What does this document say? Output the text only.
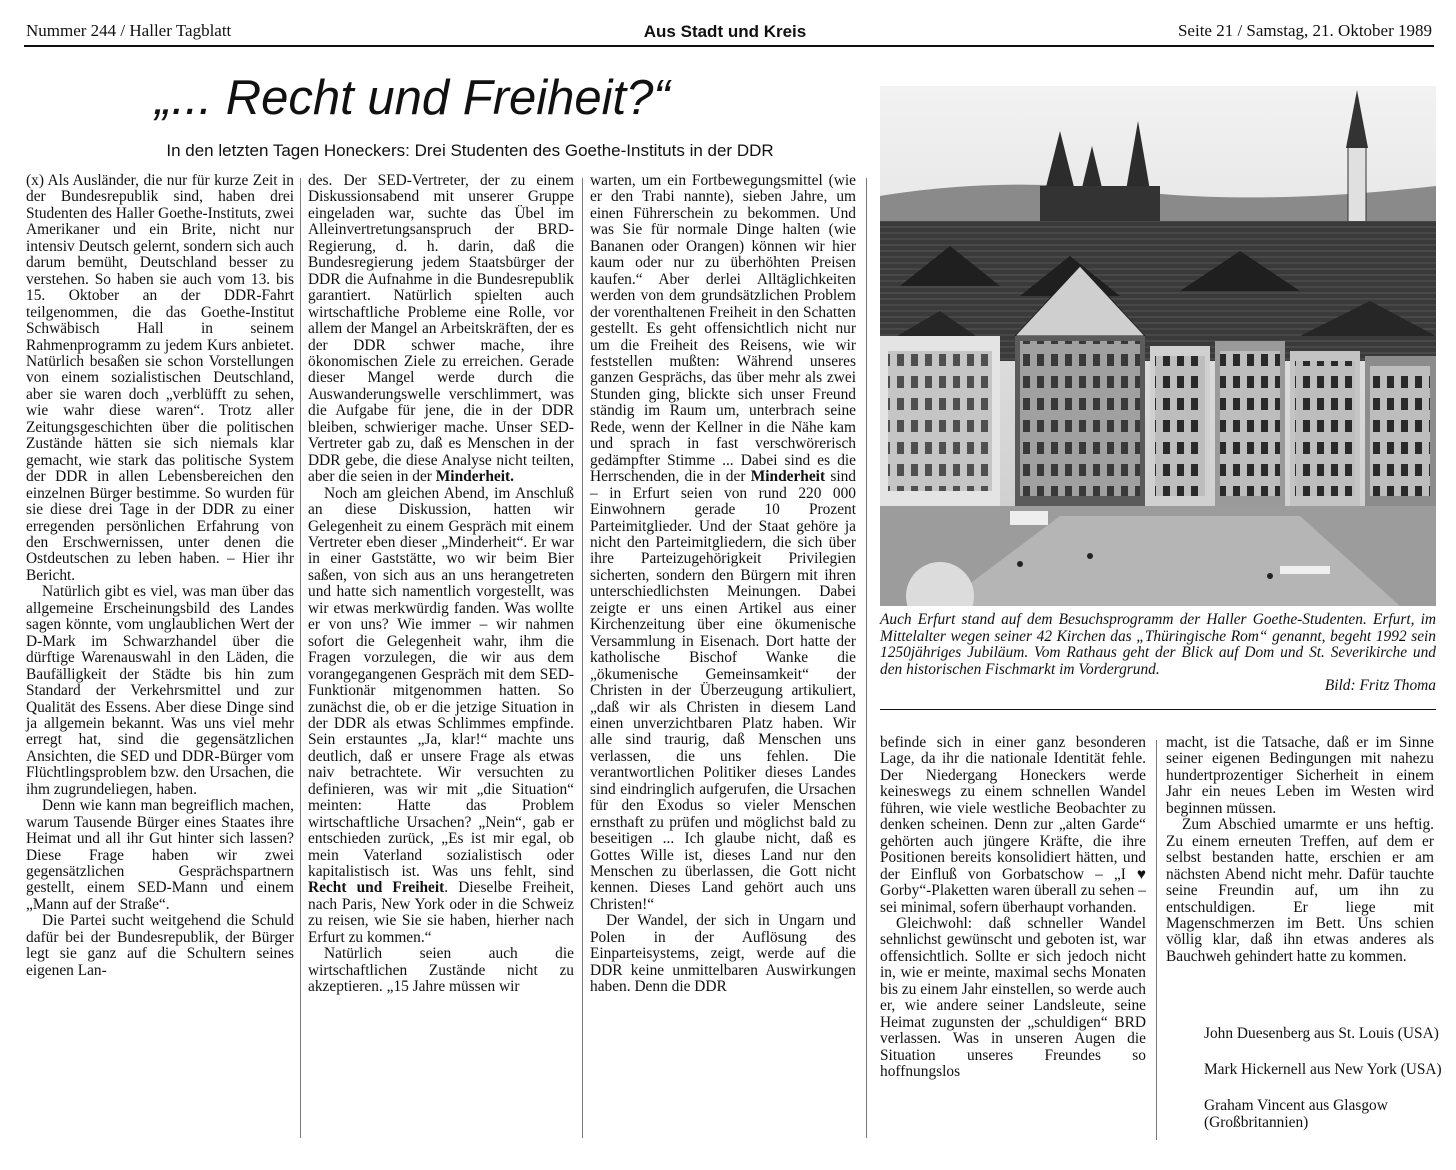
Nummer 244 / Haller Tagblatt	Aus Stadt und Kreis	Seite 21 / Samstag, 21. Oktober 1989
„... Recht und Freiheit?“
In den letzten Tagen Honeckers: Drei Studenten des Goethe-Instituts in der DDR

(x) Als Ausländer, die nur für kurze Zeit in der Bundesrepublik sind, haben drei Studenten des Haller Goethe-Instituts, zwei Amerikaner und ein Brite, nicht nur intensiv Deutsch gelernt, sondern sich auch darum bemüht, Deutschland besser zu verstehen. So haben sie auch vom 13. bis 15. Oktober an der DDR-Fahrt teilgenommen, die das Goethe-Institut Schwäbisch Hall in seinem Rahmenprogramm zu jedem Kurs anbietet. Natürlich besaßen sie schon Vorstellungen von einem sozialistischen Deutschland, aber sie waren doch „verblüfft zu sehen, wie wahr diese waren“. Trotz aller Zeitungsgeschichten über die politischen Zustände hätten sie sich niemals klar gemacht, wie stark das politische System der DDR in allen Lebensbereichen den einzelnen Bürger bestimme. So wurden für sie diese drei Tage in der DDR zu einer erregenden persönlichen Erfahrung von den Erschwernissen, unter denen die Ostdeutschen zu leben haben. – Hier ihr Bericht.

Natürlich gibt es viel, was man über das allgemeine Erscheinungsbild des Landes sagen könnte, vom unglaublichen Wert der D-Mark im Schwarzhandel über die dürftige Warenauswahl in den Läden, die Baufälligkeit der Städte bis hin zum Standard der Verkehrsmittel und zur Qualität des Essens. Aber diese Dinge sind ja allgemein bekannt. Was uns viel mehr erregt hat, sind die gegensätzlichen Ansichten, die SED und DDR-Bürger vom Flüchtlingsproblem bzw. den Ursachen, die ihm zugrundeliegen, haben.

Denn wie kann man begreiflich machen, warum Tausende Bürger eines Staates ihre Heimat und all ihr Gut hinter sich lassen? Diese Frage haben wir zwei gegensätzlichen Gesprächspartnern gestellt, einem SED-Mann und einem „Mann auf der Straße“.

Die Partei sucht weitgehend die Schuld dafür bei der Bundesrepublik, der Bürger legt sie ganz auf die Schultern seines eigenen Lan-

des. Der SED-Vertreter, der zu einem Diskussionsabend mit unserer Gruppe eingeladen war, suchte das Übel im Alleinvertretungsanspruch der BRD-Regierung, d. h. darin, daß die Bundesregierung jedem Staatsbürger der DDR die Aufnahme in die Bundesrepublik garantiert. Natürlich spielten auch wirtschaftliche Probleme eine Rolle, vor allem der Mangel an Arbeitskräften, der es der DDR schwer mache, ihre ökonomischen Ziele zu erreichen. Gerade dieser Mangel werde durch die Auswanderungswelle verschlimmert, was die Aufgabe für jene, die in der DDR bleiben, schwieriger mache. Unser SED-Vertreter gab zu, daß es Menschen in der DDR gebe, die diese Analyse nicht teilten, aber die seien in der Minderheit.

Noch am gleichen Abend, im Anschluß an diese Diskussion, hatten wir Gelegenheit zu einem Gespräch mit einem Vertreter eben dieser „Minderheit“. Er war in einer Gaststätte, wo wir beim Bier saßen, von sich aus an uns herangetreten und hatte sich namentlich vorgestellt, was wir etwas merkwürdig fanden. Was wollte er von uns? Wie immer – wir nahmen sofort die Gelegenheit wahr, ihm die Fragen vorzulegen, die wir aus dem vorangegangenen Gespräch mit dem SED-Funktionär mitgenommen hatten. So zunächst die, ob er die jetzige Situation in der DDR als etwas Schlimmes empfinde. Sein erstauntes „Ja, klar!“ machte uns deutlich, daß er unsere Frage als etwas naiv betrachtete. Wir versuchten zu definieren, was wir mit „die Situation“ meinten: Hatte das Problem wirtschaftliche Ursachen? „Nein“, gab er entschieden zurück, „Es ist mir egal, ob mein Vaterland sozialistisch oder kapitalistisch ist. Was uns fehlt, sind Recht und Freiheit. Dieselbe Freiheit, nach Paris, New York oder in die Schweiz zu reisen, wie Sie sie haben, hierher nach Erfurt zu kommen.“

Natürlich seien auch die wirtschaftlichen Zustände nicht zu akzeptieren. „15 Jahre müssen wir

warten, um ein Fortbewegungsmittel (wie er den Trabi nannte), sieben Jahre, um einen Führerschein zu bekommen. Und was Sie für normale Dinge halten (wie Bananen oder Orangen) können wir hier kaum oder nur zu überhöhten Preisen kaufen.“ Aber derlei Alltäglichkeiten werden von dem grundsätzlichen Problem der vorenthaltenen Freiheit in den Schatten gestellt. Es geht offensichtlich nicht nur um die Freiheit des Reisens, wie wir feststellen mußten: Während unseres ganzen Gesprächs, das über mehr als zwei Stunden ging, blickte sich unser Freund ständig im Raum um, unterbrach seine Rede, wenn der Kellner in die Nähe kam und sprach in fast verschwörerisch gedämpfter Stimme ... Dabei sind es die Herrschenden, die in der Minderheit sind – in Erfurt seien von rund 220 000 Einwohnern gerade 10 Prozent Parteimitglieder. Und der Staat gehöre ja nicht den Parteimitgliedern, die sich über ihre Parteizugehörigkeit Privilegien sicherten, sondern den Bürgern mit ihren unterschiedlichsten Meinungen. Dabei zeigte er uns einen Artikel aus einer Kirchenzeitung über eine ökumenische Versammlung in Eisenach. Dort hatte der katholische Bischof Wanke die „ökumenische Gemeinsamkeit“ der Christen in der Überzeugung artikuliert, „daß wir als Christen in diesem Land einen unverzichtbaren Platz haben. Wir alle sind traurig, daß Menschen uns verlassen, die uns fehlen. Die verantwortlichen Politiker dieses Landes sind eindringlich aufgerufen, die Ursachen für den Exodus so vieler Menschen ernsthaft zu prüfen und möglichst bald zu beseitigen ... Ich glaube nicht, daß es Gottes Wille ist, dieses Land nur den Menschen zu überlassen, die Gott nicht kennen. Dieses Land gehört auch uns Christen!“

Der Wandel, der sich in Ungarn und Polen in der Auflösung des Einparteisystems, zeigt, werde auf die DDR keine unmittelbaren Auswirkungen haben. Denn die DDR

Auch Erfurt stand auf dem Besuchsprogramm der Haller Goethe-Studenten. Erfurt, im Mittelalter wegen seiner 42 Kirchen das „Thüringische Rom“ genannt, begeht 1992 sein 1250jähriges Jubiläum. Vom Rathaus geht der Blick auf Dom und St. Severikirche und den historischen Fischmarkt im Vordergrund.
Bild: Fritz Thoma

befinde sich in einer ganz besonderen Lage, da ihr die nationale Identität fehle. Der Niedergang Honeckers werde keineswegs zu einem schnellen Wandel führen, wie viele westliche Beobachter zu denken scheinen. Denn zur „alten Garde“ gehörten auch jüngere Kräfte, die ihre Positionen bereits konsolidiert hätten, und der Einfluß von Gorbatschow – „I ♥ Gorby“-Plaketten waren überall zu sehen – sei minimal, sofern überhaupt vorhanden.

Gleichwohl: daß schneller Wandel sehnlichst gewünscht und geboten ist, war offensichtlich. Sollte er sich jedoch nicht in, wie er meinte, maximal sechs Monaten bis zu einem Jahr einstellen, so werde auch er, wie andere seiner Landsleute, seine Heimat zugunsten der „schuldigen“ BRD verlassen. Was in unseren Augen die Situation unseres Freundes so hoffnungslos

macht, ist die Tatsache, daß er im Sinne seiner eigenen Bedingungen mit nahezu hundertprozentiger Sicherheit in einem Jahr ein neues Leben im Westen wird beginnen müssen.

Zum Abschied umarmte er uns heftig. Zu einem erneuten Treffen, auf dem er selbst bestanden hatte, erschien er am nächsten Abend nicht mehr. Dafür tauchte seine Freundin auf, um ihn zu entschuldigen. Er liege mit Magenschmerzen im Bett. Uns schien völlig klar, daß ihn etwas anderes als Bauchweh gehindert hatte zu kommen.

John Duesenberg aus St. Louis (USA)
Mark Hickernell aus New York (USA)
Graham Vincent aus Glasgow (Großbritannien)
